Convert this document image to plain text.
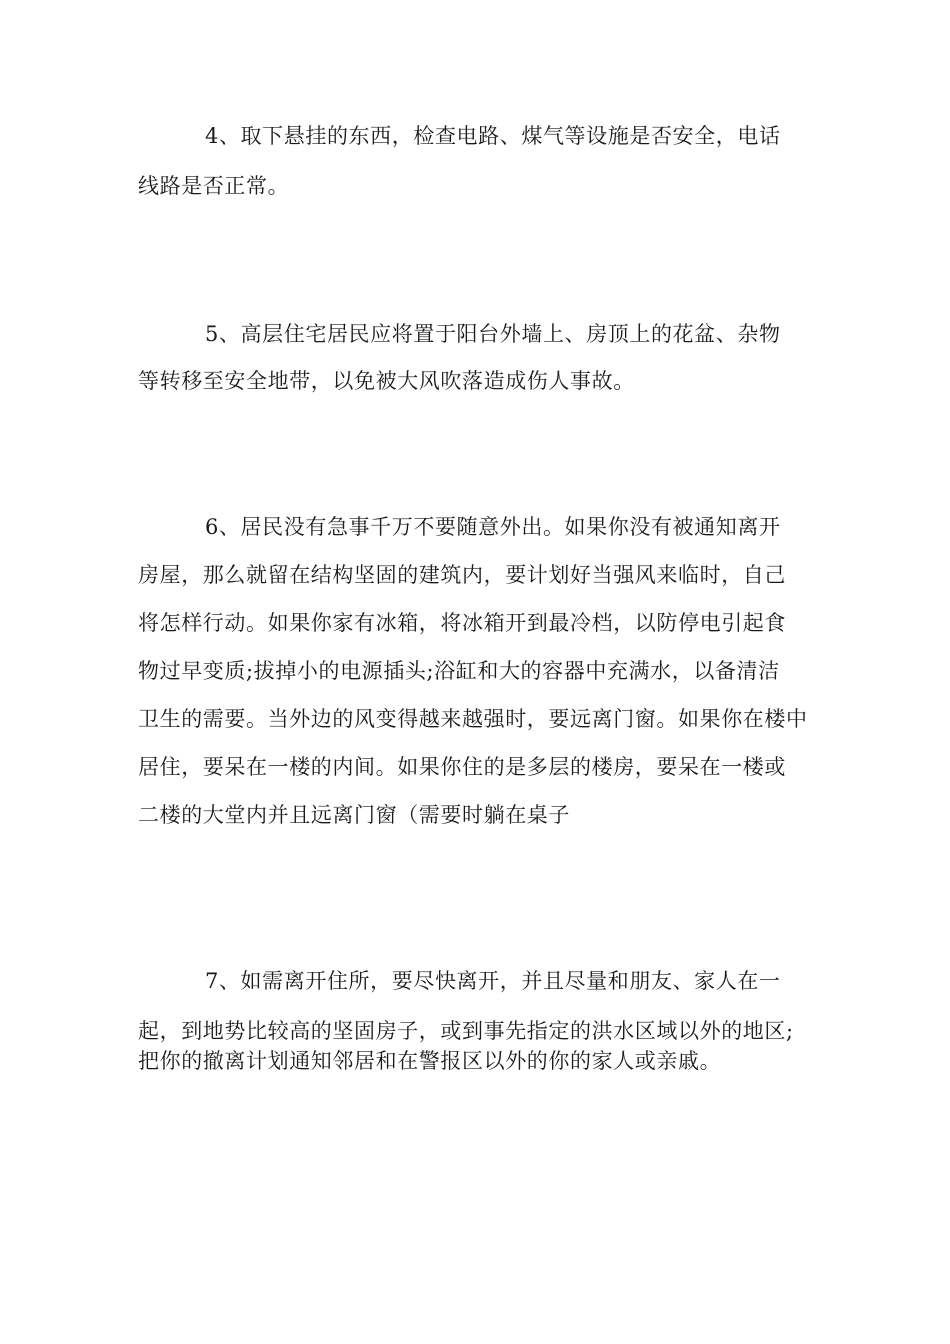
4、取下悬挂的东西，检查电路、煤气等设施是否安全，电话
线路是否正常。
5、高层住宅居民应将置于阳台外墙上、房顶上的花盆、杂物
等转移至安全地带，以免被大风吹落造成伤人事故。
6、居民没有急事千万不要随意外出。如果你没有被通知离开
房屋，那么就留在结构坚固的建筑内，要计划好当强风来临时，自己
将怎样行动。如果你家有冰箱，将冰箱开到最冷档，以防停电引起食
物过早变质;拔掉小的电源插头;浴缸和大的容器中充满水，以备清洁
卫生的需要。当外边的风变得越来越强时，要远离门窗。如果你在楼中
居住，要呆在一楼的内间。如果你住的是多层的楼房，要呆在一楼或
二楼的大堂内并且远离门窗（需要时躺在桌子
7、如需离开住所，要尽快离开，并且尽量和朋友、家人在一
起，到地势比较高的坚固房子，或到事先指定的洪水区域以外的地区;
把你的撤离计划通知邻居和在警报区以外的你的家人或亲戚。
